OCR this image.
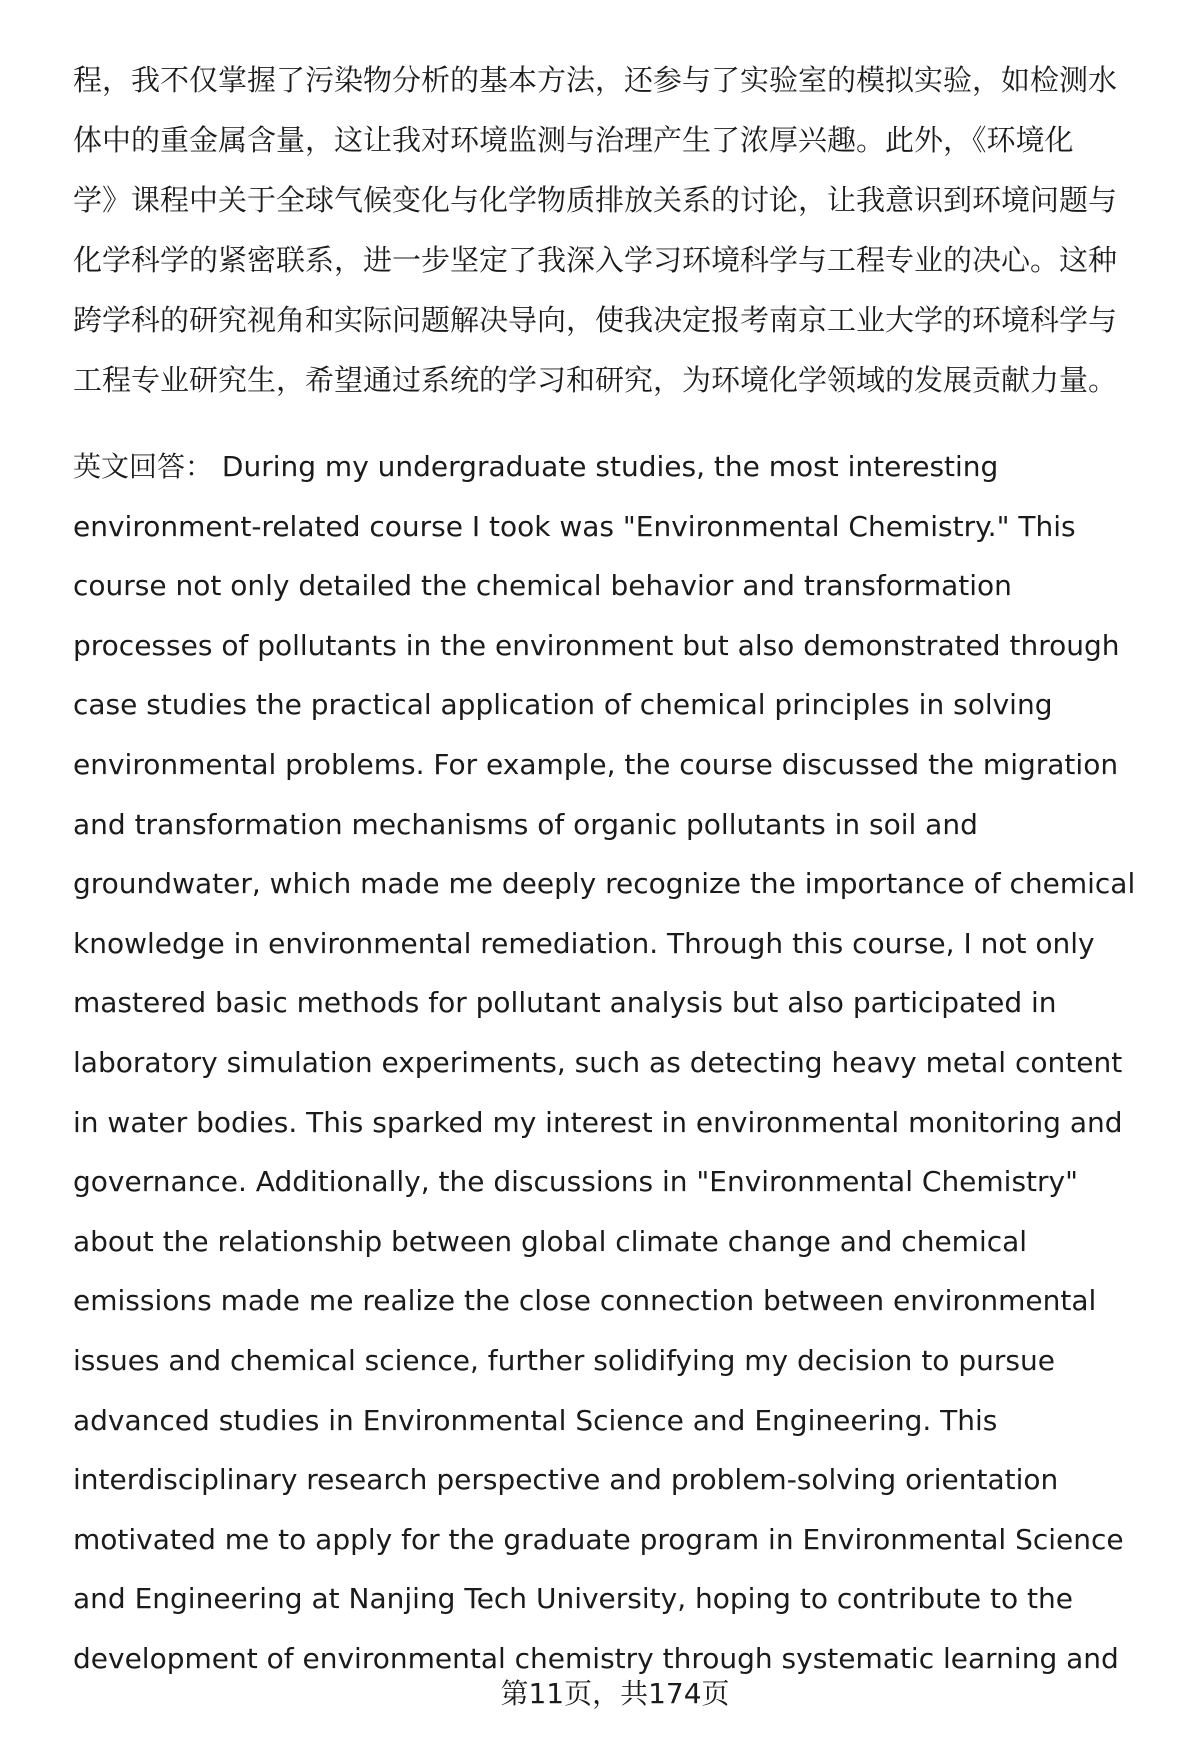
程，我不仅掌握了污染物分析的基本方法，还参与了实验室的模拟实验，如检测水
体中的重金属含量，这让我对环境监测与治理产生了浓厚兴趣。此外，《环境化
学》课程中关于全球气候变化与化学物质排放关系的讨论，让我意识到环境问题与
化学科学的紧密联系，进一步坚定了我深入学习环境科学与工程专业的决心。这种
跨学科的研究视角和实际问题解决导向，使我决定报考南京工业大学的环境科学与
工程专业研究生，希望通过系统的学习和研究，为环境化学领域的发展贡献力量。
英文回答： During my undergraduate studies, the most interesting
environment-related course I took was "Environmental Chemistry." This
course not only detailed the chemical behavior and transformation
processes of pollutants in the environment but also demonstrated through
case studies the practical application of chemical principles in solving
environmental problems. For example, the course discussed the migration
and transformation mechanisms of organic pollutants in soil and
groundwater, which made me deeply recognize the importance of chemical
knowledge in environmental remediation. Through this course, I not only
mastered basic methods for pollutant analysis but also participated in
laboratory simulation experiments, such as detecting heavy metal content
in water bodies. This sparked my interest in environmental monitoring and
governance. Additionally, the discussions in "Environmental Chemistry"
about the relationship between global climate change and chemical
emissions made me realize the close connection between environmental
issues and chemical science, further solidifying my decision to pursue
advanced studies in Environmental Science and Engineering. This
interdisciplinary research perspective and problem-solving orientation
motivated me to apply for the graduate program in Environmental Science
and Engineering at Nanjing Tech University, hoping to contribute to the
development of environmental chemistry through systematic learning and
第11页，共174页
